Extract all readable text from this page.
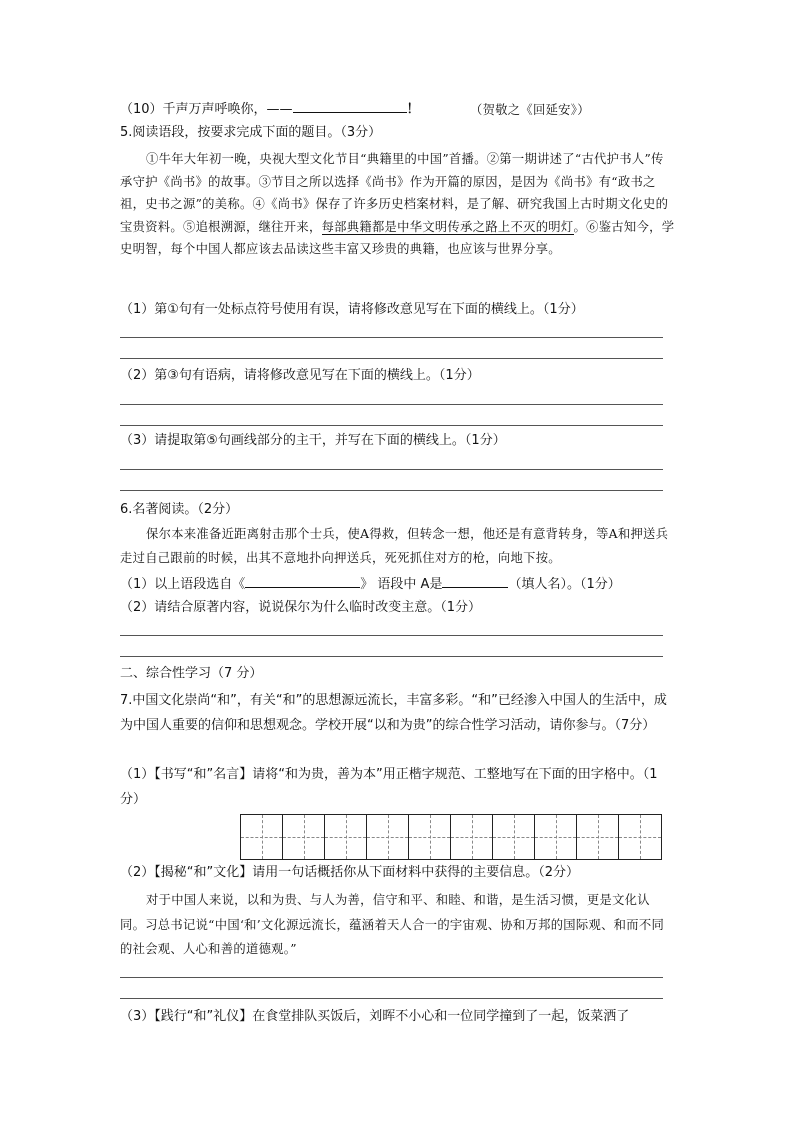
（10）千声万声呼唤你，——	！	（贺敬之《回延安》）
5.阅读语段，按要求完成下面的题目。（3分）
①牛年大年初一晚，央视大型文化节目“典籍里的中国”首播。②第一期讲述了“古代护书人”传承守护《尚书》的故事。③节目之所以选择《尚书》作为开篇的原因，是因为《尚书》有“政书之祖，史书之源”的美称。④《尚书》保存了许多历史档案材料，是了解、研究我国上古时期文化史的宝贵资料。⑤追根溯源，继往开来，每部典籍都是中华文明传承之路上不灭的明灯。⑥鉴古知今，学史明智，每个中国人都应该去品读这些丰富又珍贵的典籍，也应该与世界分享。
（1）第①句有一处标点符号使用有误，请将修改意见写在下面的横线上。（1分）
（2）第③句有语病，请将修改意见写在下面的横线上。（1分）
（3）请提取第⑤句画线部分的主干，并写在下面的横线上。（1分）
6.名著阅读。（2分）
保尔本来准备近距离射击那个士兵，使A得救，但转念一想，他还是有意背转身，等A和押送兵走过自己跟前的时候，出其不意地扑向押送兵，死死抓住对方的枪，向地下按。
（1）以上语段选自《	》 语段中 A是	（填人名）。（1分）
（2）请结合原著内容，说说保尔为什么临时改变主意。（1分）
二、综合性学习（7 分）
7.中国文化崇尚“和”，有关“和”的思想源远流长，丰富多彩。“和”已经渗入中国人的生活中，成为中国人重要的信仰和思想观念。学校开展“以和为贵”的综合性学习活动，请你参与。（7分）
（1）【书写“和”名言】请将“和为贵，善为本”用正楷字规范、工整地写在下面的田字格中。（1分）
（2）【揭秘“和”文化】请用一句话概括你从下面材料中获得的主要信息。（2分）
对于中国人来说，以和为贵、与人为善，信守和平、和睦、和谐，是生活习惯，更是文化认同。习总书记说“中国‘和’文化源远流长，蕴涵着天人合一的宇宙观、协和万邦的国际观、和而不同的社会观、人心和善的道德观。”
（3）【践行“和”礼仪】在食堂排队买饭后，刘晖不小心和一位同学撞到了一起，饭菜洒了
